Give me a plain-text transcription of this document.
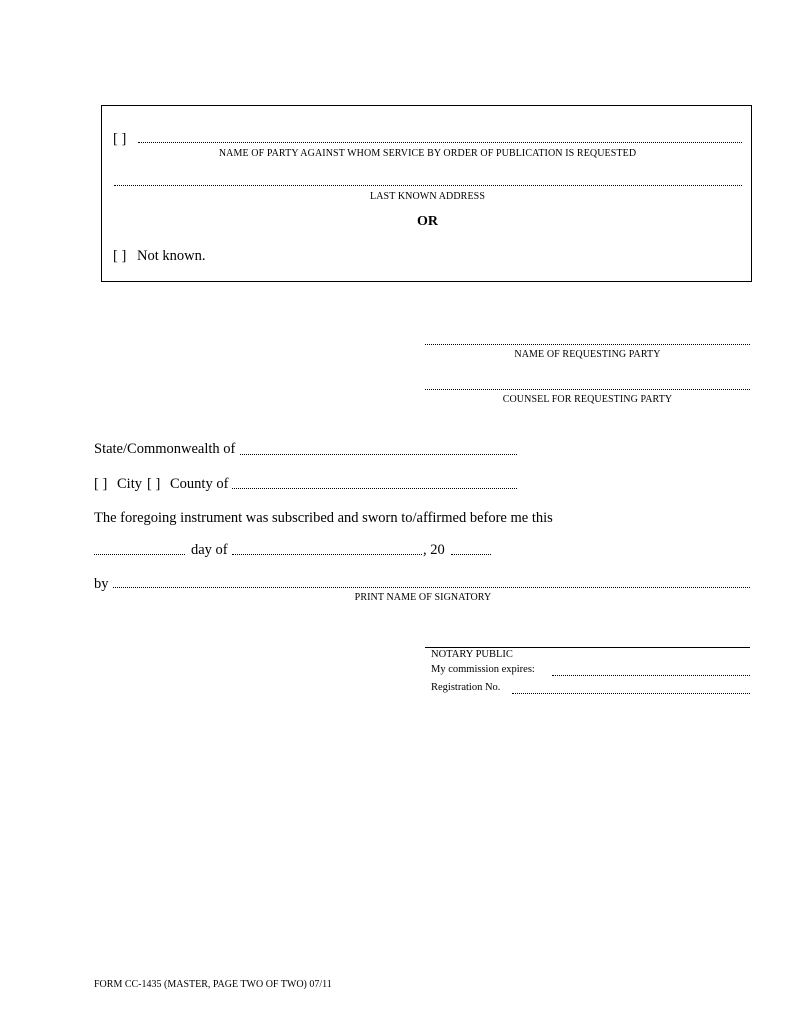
[ ]
NAME OF PARTY AGAINST WHOM SERVICE BY ORDER OF PUBLICATION IS REQUESTED
LAST KNOWN ADDRESS
OR
[ ] Not known.
NAME OF REQUESTING PARTY
COUNSEL FOR REQUESTING PARTY
State/Commonwealth of
[ ] City [ ] County of
The foregoing instrument was subscribed and sworn to/affirmed before me this
day of	, 20
by
PRINT NAME OF SIGNATORY
NOTARY PUBLIC
My commission expires:
Registration No.
FORM CC-1435 (MASTER, PAGE TWO OF TWO) 07/11
